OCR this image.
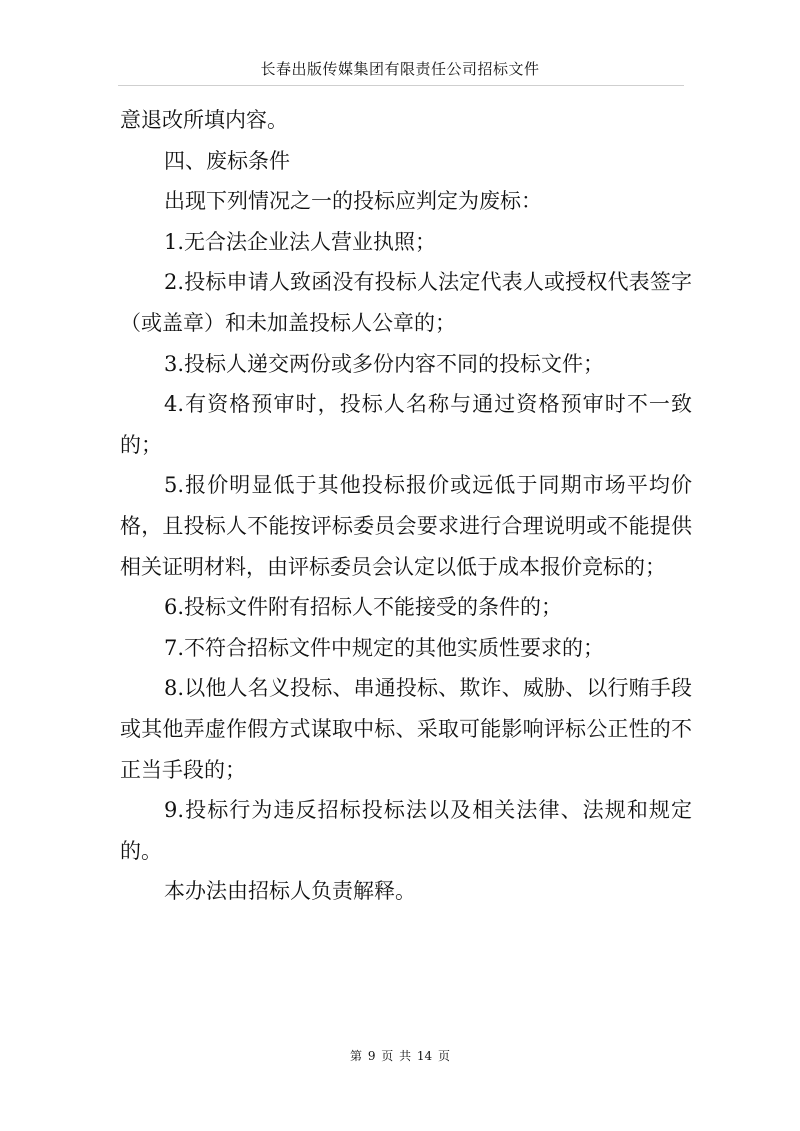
长春出版传媒集团有限责任公司招标文件

意退改所填内容。

四、废标条件

出现下列情况之一的投标应判定为废标：

1.无合法企业法人营业执照；

2.投标申请人致函没有投标人法定代表人或授权代表签字（或盖章）和未加盖投标人公章的；

3.投标人递交两份或多份内容不同的投标文件；

4.有资格预审时，投标人名称与通过资格预审时不一致的；

5.报价明显低于其他投标报价或远低于同期市场平均价格，且投标人不能按评标委员会要求进行合理说明或不能提供相关证明材料，由评标委员会认定以低于成本报价竞标的；

6.投标文件附有招标人不能接受的条件的；

7.不符合招标文件中规定的其他实质性要求的；

8.以他人名义投标、串通投标、欺诈、威胁、以行贿手段或其他弄虚作假方式谋取中标、采取可能影响评标公正性的不正当手段的；

9.投标行为违反招标投标法以及相关法律、法规和规定的。

本办法由招标人负责解释。

第 9 页 共 14 页
